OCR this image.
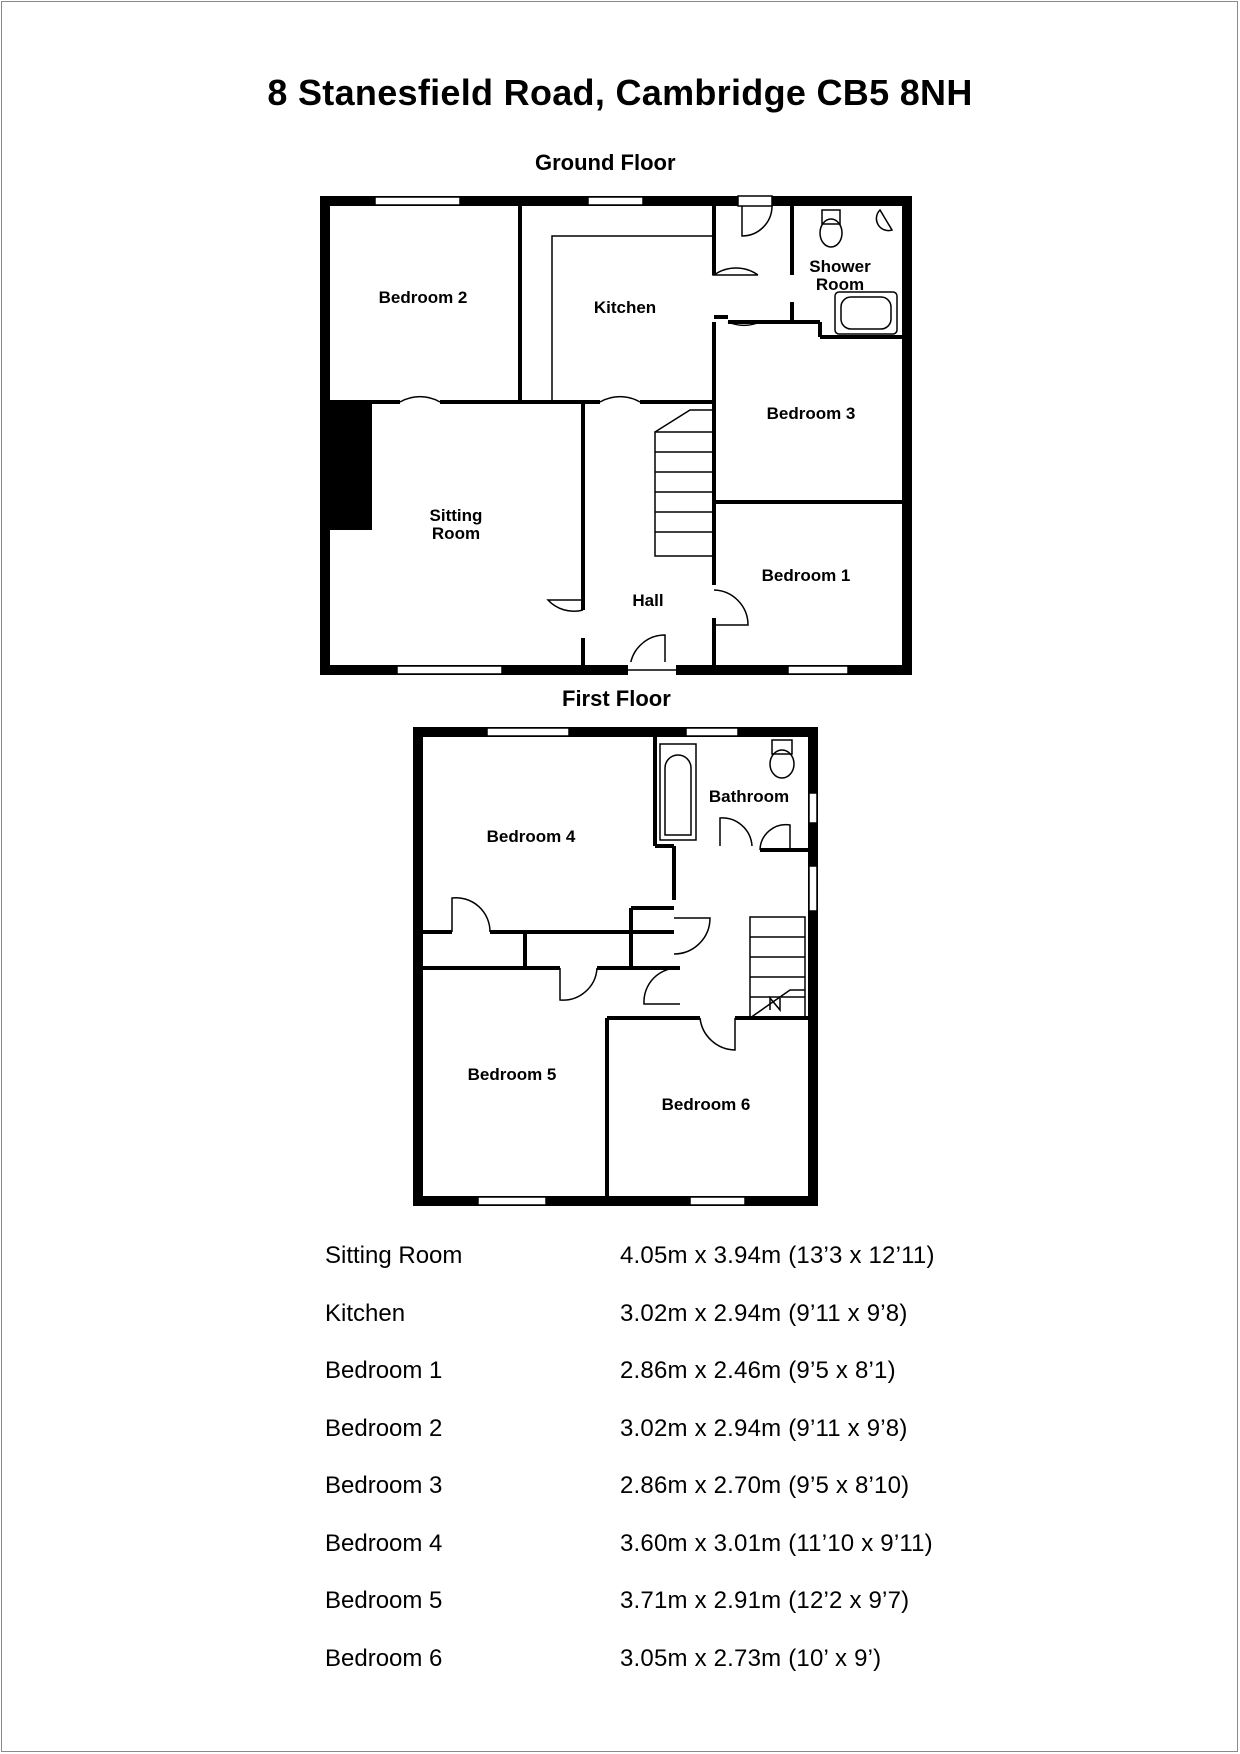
8 Stanesfield Road, Cambridge CB5 8NH
Ground Floor
First Floor
Bedroom 2
Kitchen
Shower
Room
Bedroom 3
Sitting
Room
Bedroom 1
Hall
Bedroom 4
Bathroom
Bedroom 5
Bedroom 6
Sitting Room	4.05m x 3.94m (13’3 x 12’11)
Kitchen	3.02m x 2.94m (9’11 x 9’8)
Bedroom 1	2.86m x 2.46m (9’5 x 8’1)
Bedroom 2	3.02m x 2.94m (9’11 x 9’8)
Bedroom 3	2.86m x 2.70m (9’5 x 8’10)
Bedroom 4	3.60m x 3.01m (11’10 x 9’11)
Bedroom 5	3.71m x 2.91m (12’2 x 9’7)
Bedroom 6	3.05m x 2.73m (10’ x 9’)
